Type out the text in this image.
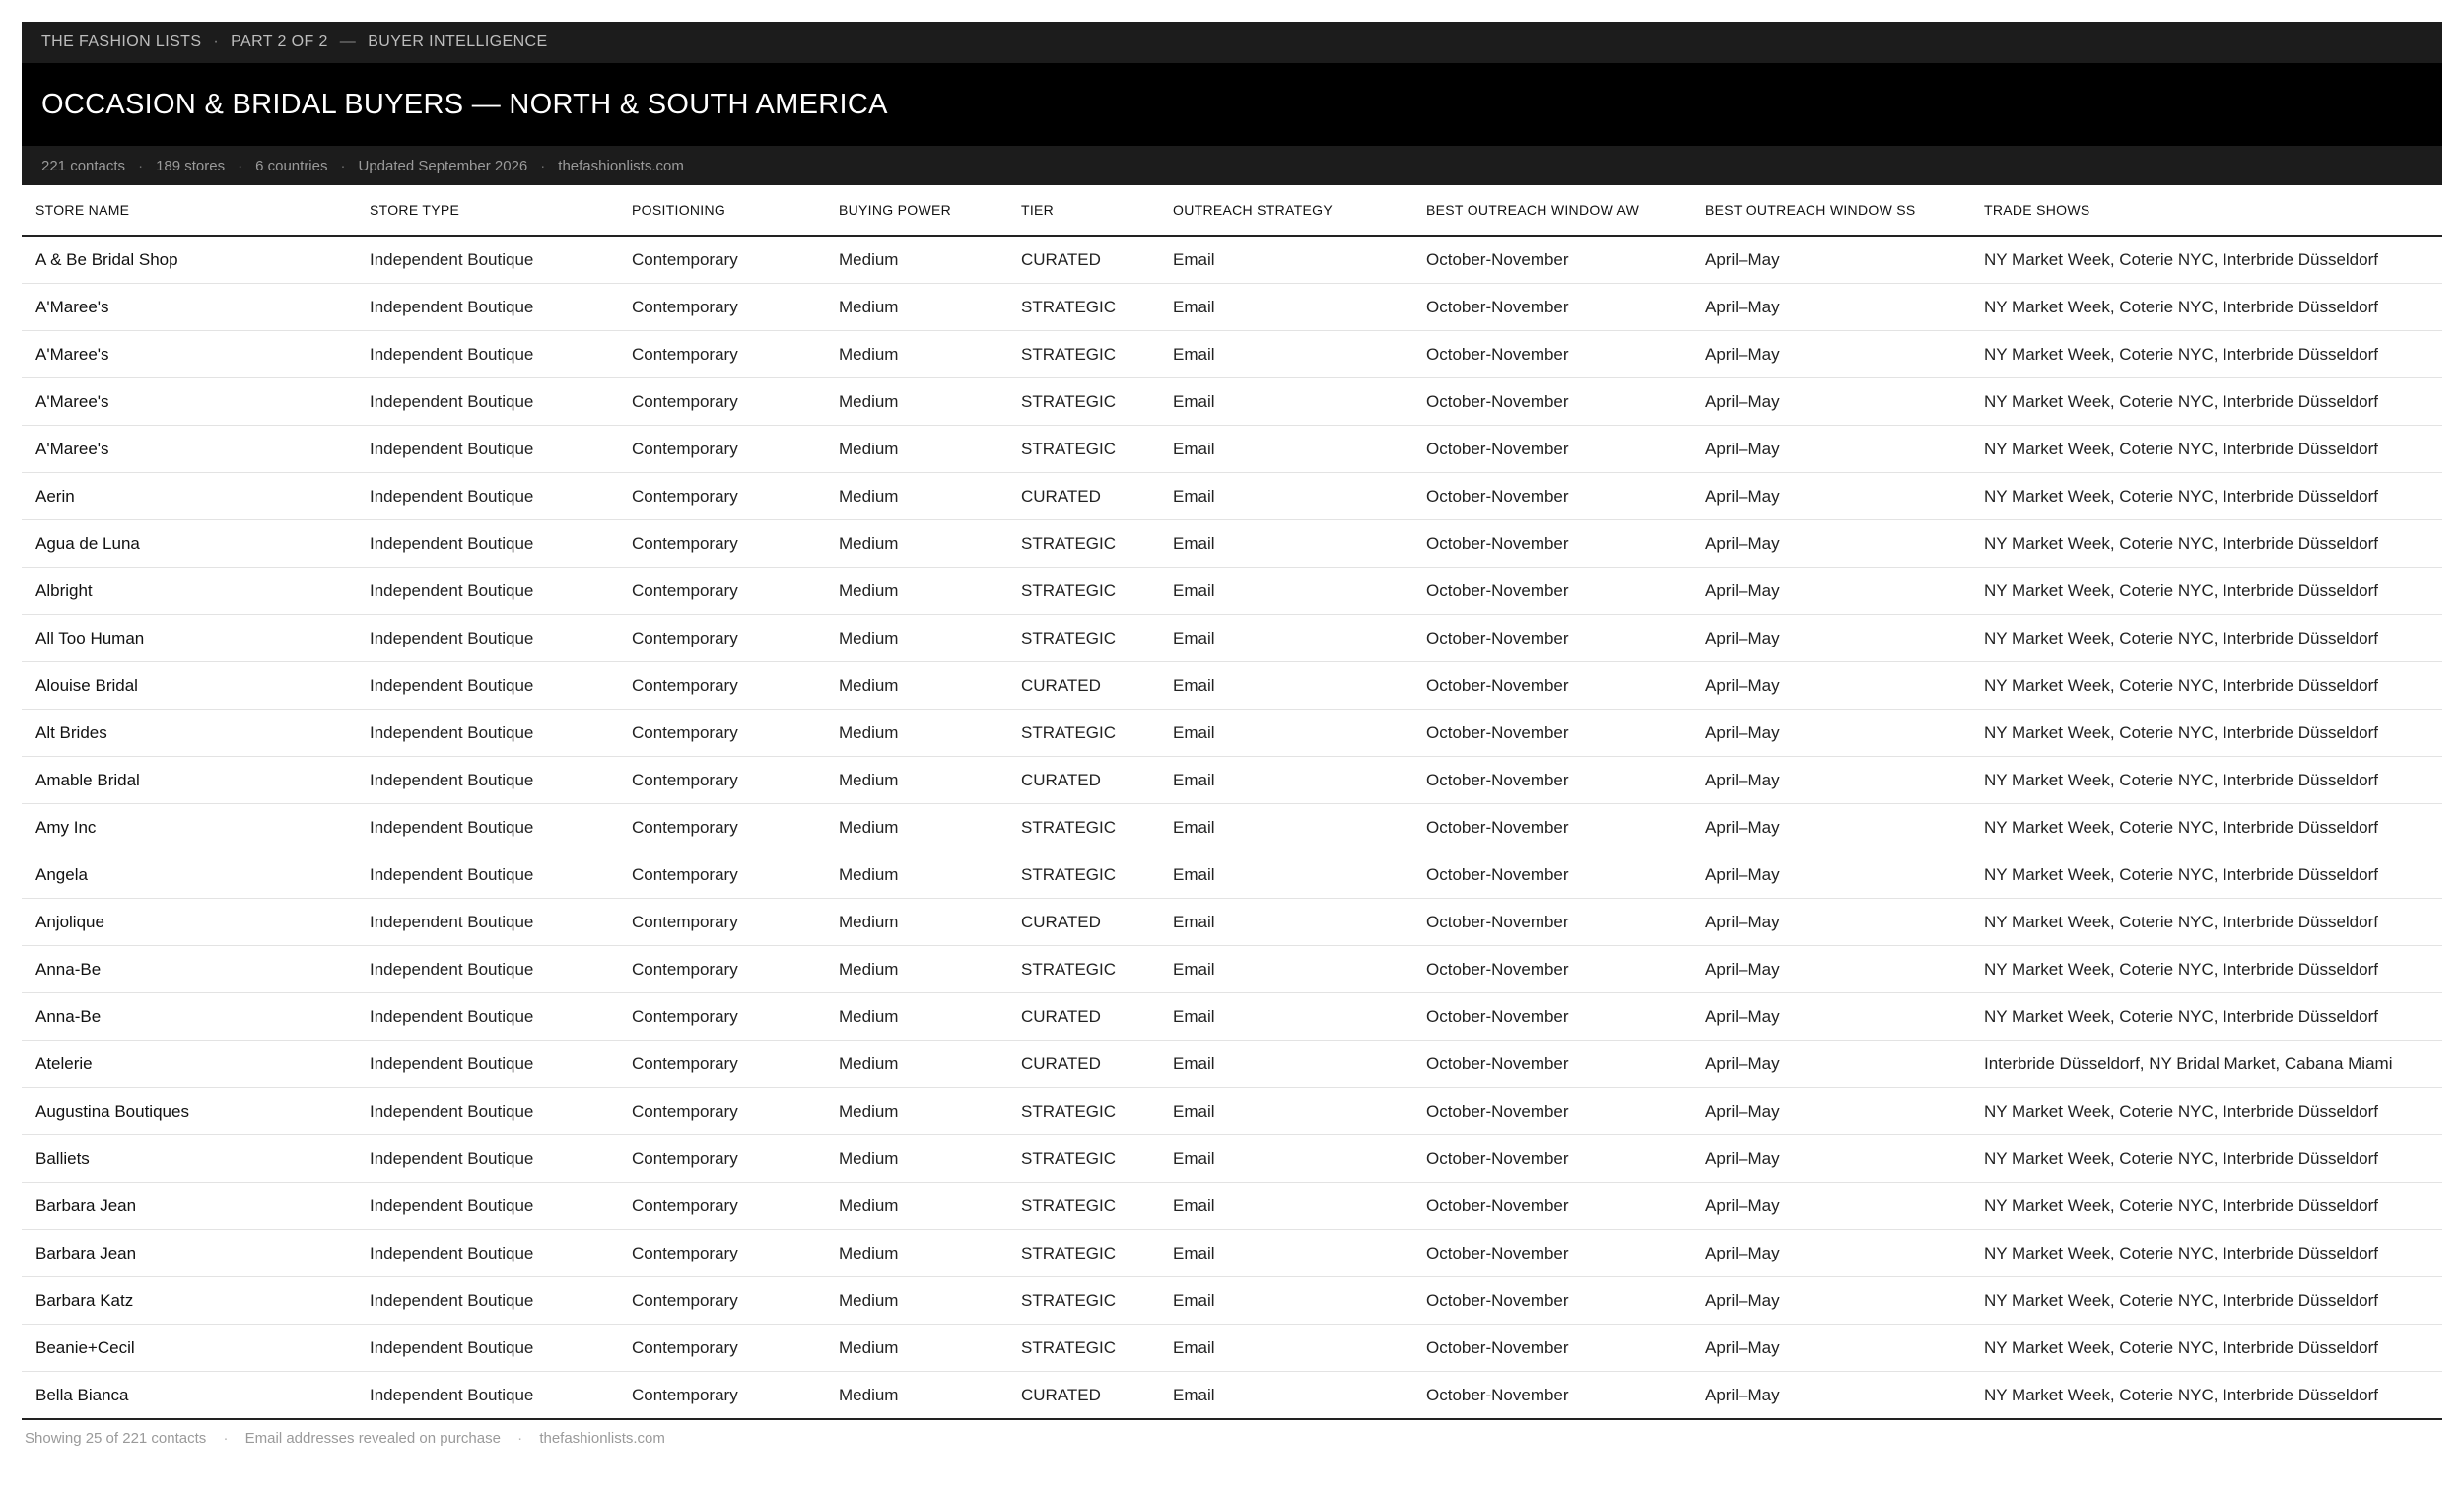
THE FASHION LISTS · PART 2 OF 2 — BUYER INTELLIGENCE
OCCASION & BRIDAL BUYERS — NORTH & SOUTH AMERICA
221 contacts · 189 stores · 6 countries · Updated September 2026 · thefashionlists.com
STORE NAME	STORE TYPE	POSITIONING	BUYING POWER	TIER	OUTREACH STRATEGY	BEST OUTREACH WINDOW AW	BEST OUTREACH WINDOW SS	TRADE SHOWS
A & Be Bridal Shop	Independent Boutique	Contemporary	Medium	CURATED	Email	October-November	April–May	NY Market Week, Coterie NYC, Interbride Düsseldorf
A'Maree's	Independent Boutique	Contemporary	Medium	STRATEGIC	Email	October-November	April–May	NY Market Week, Coterie NYC, Interbride Düsseldorf
A'Maree's	Independent Boutique	Contemporary	Medium	STRATEGIC	Email	October-November	April–May	NY Market Week, Coterie NYC, Interbride Düsseldorf
A'Maree's	Independent Boutique	Contemporary	Medium	STRATEGIC	Email	October-November	April–May	NY Market Week, Coterie NYC, Interbride Düsseldorf
A'Maree's	Independent Boutique	Contemporary	Medium	STRATEGIC	Email	October-November	April–May	NY Market Week, Coterie NYC, Interbride Düsseldorf
Aerin	Independent Boutique	Contemporary	Medium	CURATED	Email	October-November	April–May	NY Market Week, Coterie NYC, Interbride Düsseldorf
Agua de Luna	Independent Boutique	Contemporary	Medium	STRATEGIC	Email	October-November	April–May	NY Market Week, Coterie NYC, Interbride Düsseldorf
Albright	Independent Boutique	Contemporary	Medium	STRATEGIC	Email	October-November	April–May	NY Market Week, Coterie NYC, Interbride Düsseldorf
All Too Human	Independent Boutique	Contemporary	Medium	STRATEGIC	Email	October-November	April–May	NY Market Week, Coterie NYC, Interbride Düsseldorf
Alouise Bridal	Independent Boutique	Contemporary	Medium	CURATED	Email	October-November	April–May	NY Market Week, Coterie NYC, Interbride Düsseldorf
Alt Brides	Independent Boutique	Contemporary	Medium	STRATEGIC	Email	October-November	April–May	NY Market Week, Coterie NYC, Interbride Düsseldorf
Amable Bridal	Independent Boutique	Contemporary	Medium	CURATED	Email	October-November	April–May	NY Market Week, Coterie NYC, Interbride Düsseldorf
Amy Inc	Independent Boutique	Contemporary	Medium	STRATEGIC	Email	October-November	April–May	NY Market Week, Coterie NYC, Interbride Düsseldorf
Angela	Independent Boutique	Contemporary	Medium	STRATEGIC	Email	October-November	April–May	NY Market Week, Coterie NYC, Interbride Düsseldorf
Anjolique	Independent Boutique	Contemporary	Medium	CURATED	Email	October-November	April–May	NY Market Week, Coterie NYC, Interbride Düsseldorf
Anna-Be	Independent Boutique	Contemporary	Medium	STRATEGIC	Email	October-November	April–May	NY Market Week, Coterie NYC, Interbride Düsseldorf
Anna-Be	Independent Boutique	Contemporary	Medium	CURATED	Email	October-November	April–May	NY Market Week, Coterie NYC, Interbride Düsseldorf
Atelerie	Independent Boutique	Contemporary	Medium	CURATED	Email	October-November	April–May	Interbride Düsseldorf, NY Bridal Market, Cabana Miami
Augustina Boutiques	Independent Boutique	Contemporary	Medium	STRATEGIC	Email	October-November	April–May	NY Market Week, Coterie NYC, Interbride Düsseldorf
Balliets	Independent Boutique	Contemporary	Medium	STRATEGIC	Email	October-November	April–May	NY Market Week, Coterie NYC, Interbride Düsseldorf
Barbara Jean	Independent Boutique	Contemporary	Medium	STRATEGIC	Email	October-November	April–May	NY Market Week, Coterie NYC, Interbride Düsseldorf
Barbara Jean	Independent Boutique	Contemporary	Medium	STRATEGIC	Email	October-November	April–May	NY Market Week, Coterie NYC, Interbride Düsseldorf
Barbara Katz	Independent Boutique	Contemporary	Medium	STRATEGIC	Email	October-November	April–May	NY Market Week, Coterie NYC, Interbride Düsseldorf
Beanie+Cecil	Independent Boutique	Contemporary	Medium	STRATEGIC	Email	October-November	April–May	NY Market Week, Coterie NYC, Interbride Düsseldorf
Bella Bianca	Independent Boutique	Contemporary	Medium	CURATED	Email	October-November	April–May	NY Market Week, Coterie NYC, Interbride Düsseldorf
Showing 25 of 221 contacts · Email addresses revealed on purchase · thefashionlists.com
